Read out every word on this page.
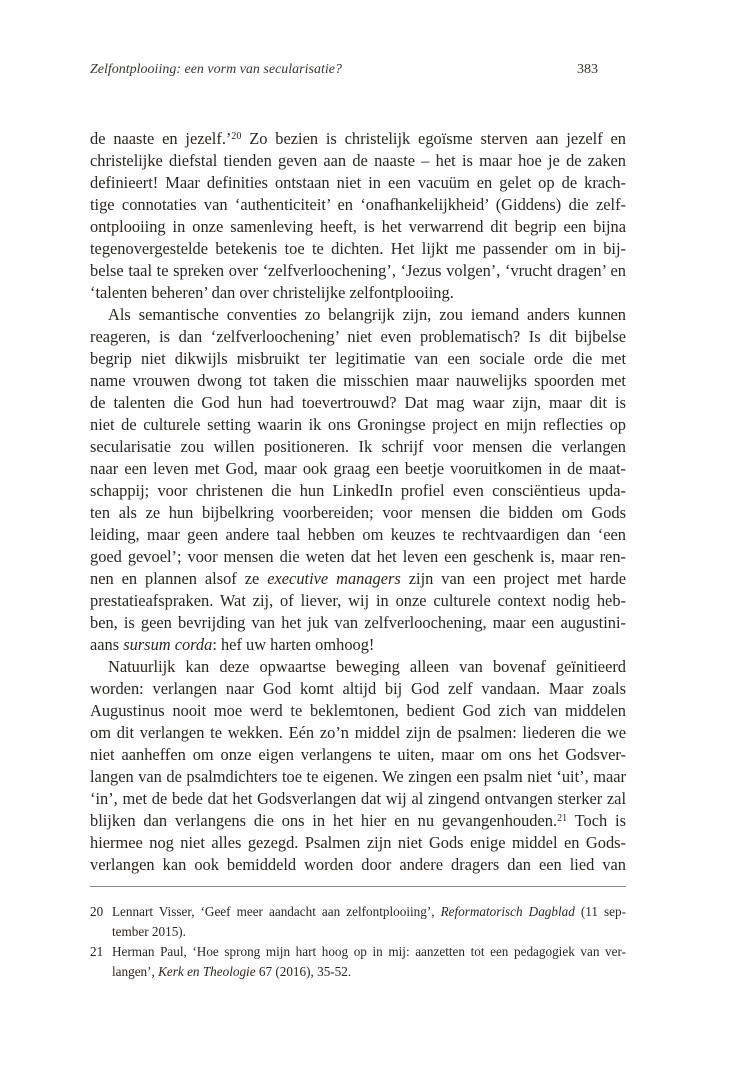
Zelfontplooiing: een vorm van secularisatie?	383
de naaste en jezelf.’$^{20}$ Zo bezien is christelijk egoïsme sterven aan jezelf en
christelijke diefstal tienden geven aan de naaste – het is maar hoe je de zaken
definieert! Maar definities ontstaan niet in een vacuüm en gelet op de krach-
tige connotaties van ‘authenticiteit’ en ‘onafhankelijkheid’ (Giddens) die zelf-
ontplooiing in onze samenleving heeft, is het verwarrend dit begrip een bijna
tegenovergestelde betekenis toe te dichten. Het lijkt me passender om in bij-
belse taal te spreken over ‘zelfverloochening’, ‘Jezus volgen’, ‘vrucht dragen’ en
‘talenten beheren’ dan over christelijke zelfontplooiing.
Als semantische conventies zo belangrijk zijn, zou iemand anders kunnen
reageren, is dan ‘zelfverloochening’ niet even problematisch? Is dit bijbelse
begrip niet dikwijls misbruikt ter legitimatie van een sociale orde die met
name vrouwen dwong tot taken die misschien maar nauwelijks spoorden met
de talenten die God hun had toevertrouwd? Dat mag waar zijn, maar dit is
niet de culturele setting waarin ik ons Groningse project en mijn reflecties op
secularisatie zou willen positioneren. Ik schrijf voor mensen die verlangen
naar een leven met God, maar ook graag een beetje vooruitkomen in de maat-
schappij; voor christenen die hun LinkedIn profiel even consciëntieus upda-
ten als ze hun bijbelkring voorbereiden; voor mensen die bidden om Gods
leiding, maar geen andere taal hebben om keuzes te rechtvaardigen dan ‘een
goed gevoel’; voor mensen die weten dat het leven een geschenk is, maar ren-
nen en plannen alsof ze executive managers zijn van een project met harde
prestatieafspraken. Wat zij, of liever, wij in onze culturele context nodig heb-
ben, is geen bevrijding van het juk van zelfverloochening, maar een augustini-
aans sursum corda: hef uw harten omhoog!
Natuurlijk kan deze opwaartse beweging alleen van bovenaf geïnitieerd
worden: verlangen naar God komt altijd bij God zelf vandaan. Maar zoals
Augustinus nooit moe werd te beklemtonen, bedient God zich van middelen
om dit verlangen te wekken. Eén zo’n middel zijn de psalmen: liederen die we
niet aanheffen om onze eigen verlangens te uiten, maar om ons het Godsver-
langen van de psalmdichters toe te eigenen. We zingen een psalm niet ‘uit’, maar
‘in’, met de bede dat het Godsverlangen dat wij al zingend ontvangen sterker zal
blijken dan verlangens die ons in het hier en nu gevangenhouden.$^{21}$ Toch is
hiermee nog niet alles gezegd. Psalmen zijn niet Gods enige middel en Gods-
verlangen kan ook bemiddeld worden door andere dragers dan een lied van
20 Lennart Visser, ‘Geef meer aandacht aan zelfontplooiing’, Reformatorisch Dagblad (11 sep-
tember 2015).
21 Herman Paul, ‘Hoe sprong mijn hart hoog op in mij: aanzetten tot een pedagogiek van ver-
langen’, Kerk en Theologie 67 (2016), 35-52.
